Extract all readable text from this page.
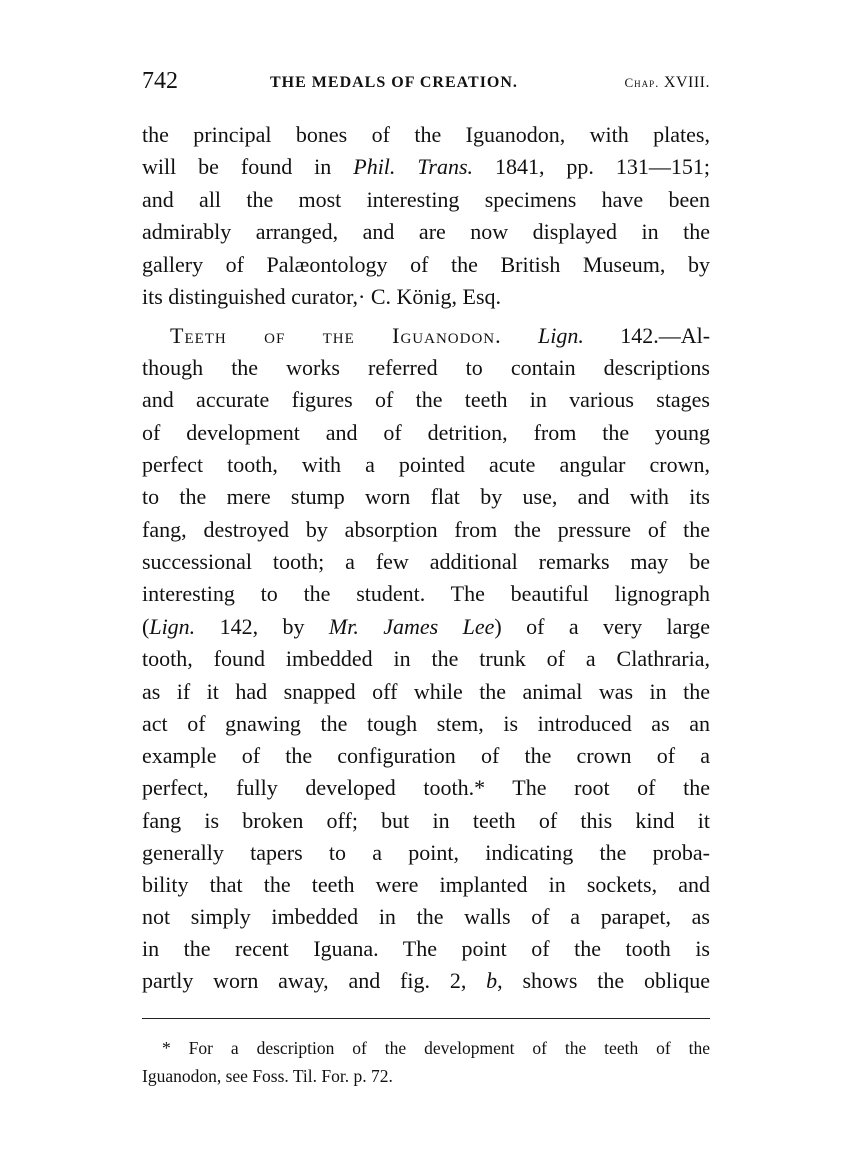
742	THE MEDALS OF CREATION.	Chap. XVIII.
the principal bones of the Iguanodon, with plates,
will be found in Phil. Trans. 1841, pp. 131—151;
and all the most interesting specimens have been
admirably arranged, and are now displayed in the
gallery of Palæontology of the British Museum, by
its distinguished curator,· C. König, Esq.
Teeth of the Iguanodon. Lign. 142.—Al-
though the works referred to contain descriptions
and accurate figures of the teeth in various stages
of development and of detrition, from the young
perfect tooth, with a pointed acute angular crown,
to the mere stump worn flat by use, and with its
fang, destroyed by absorption from the pressure of the
successional tooth; a few additional remarks may be
interesting to the student. The beautiful lignograph
(Lign. 142, by Mr. James Lee) of a very large
tooth, found imbedded in the trunk of a Clathraria,
as if it had snapped off while the animal was in the
act of gnawing the tough stem, is introduced as an
example of the configuration of the crown of a
perfect, fully developed tooth.* The root of the
fang is broken off; but in teeth of this kind it
generally tapers to a point, indicating the proba-
bility that the teeth were implanted in sockets, and
not simply imbedded in the walls of a parapet, as
in the recent Iguana. The point of the tooth is
partly worn away, and fig. 2, b, shows the oblique
* For a description of the development of the teeth of the
Iguanodon, see Foss. Til. For. p. 72.
